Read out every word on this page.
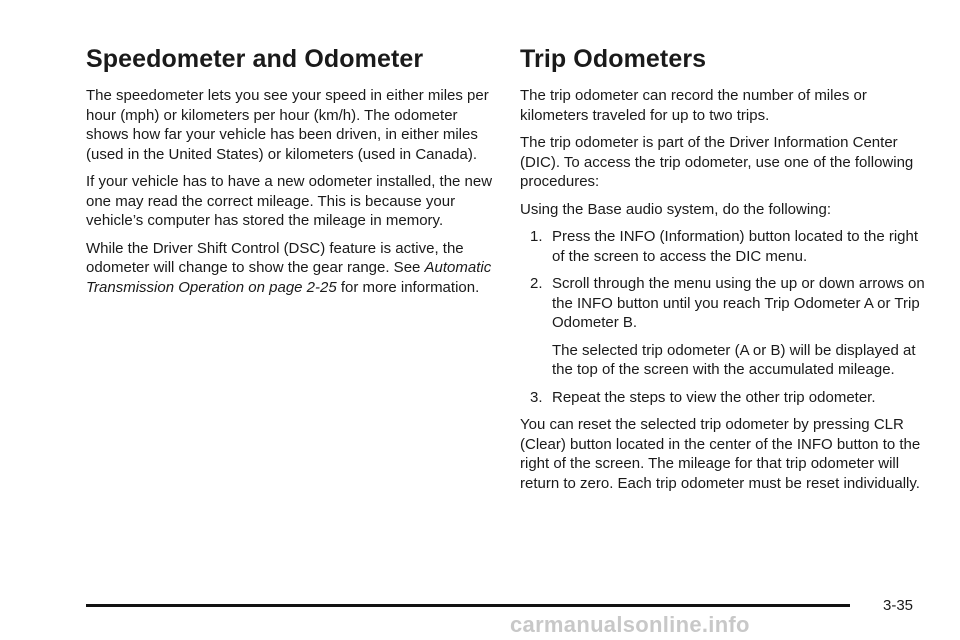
Speedometer and Odometer

The speedometer lets you see your speed in either miles per hour (mph) or kilometers per hour (km/h). The odometer shows how far your vehicle has been driven, in either miles (used in the United States) or kilometers (used in Canada).

If your vehicle has to have a new odometer installed, the new one may read the correct mileage. This is because your vehicle’s computer has stored the mileage in memory.

While the Driver Shift Control (DSC) feature is active, the odometer will change to show the gear range. See Automatic Transmission Operation on page 2-25 for more information.

Trip Odometers

The trip odometer can record the number of miles or kilometers traveled for up to two trips.

The trip odometer is part of the Driver Information Center (DIC). To access the trip odometer, use one of the following procedures:

Using the Base audio system, do the following:

1. Press the INFO (Information) button located to the right of the screen to access the DIC menu.
2. Scroll through the menu using the up or down arrows on the INFO button until you reach Trip Odometer A or Trip Odometer B.
The selected trip odometer (A or B) will be displayed at the top of the screen with the accumulated mileage.
3. Repeat the steps to view the other trip odometer.

You can reset the selected trip odometer by pressing CLR (Clear) button located in the center of the INFO button to the right of the screen. The mileage for that trip odometer will return to zero. Each trip odometer must be reset individually.

3-35
carmanualsonline.info
